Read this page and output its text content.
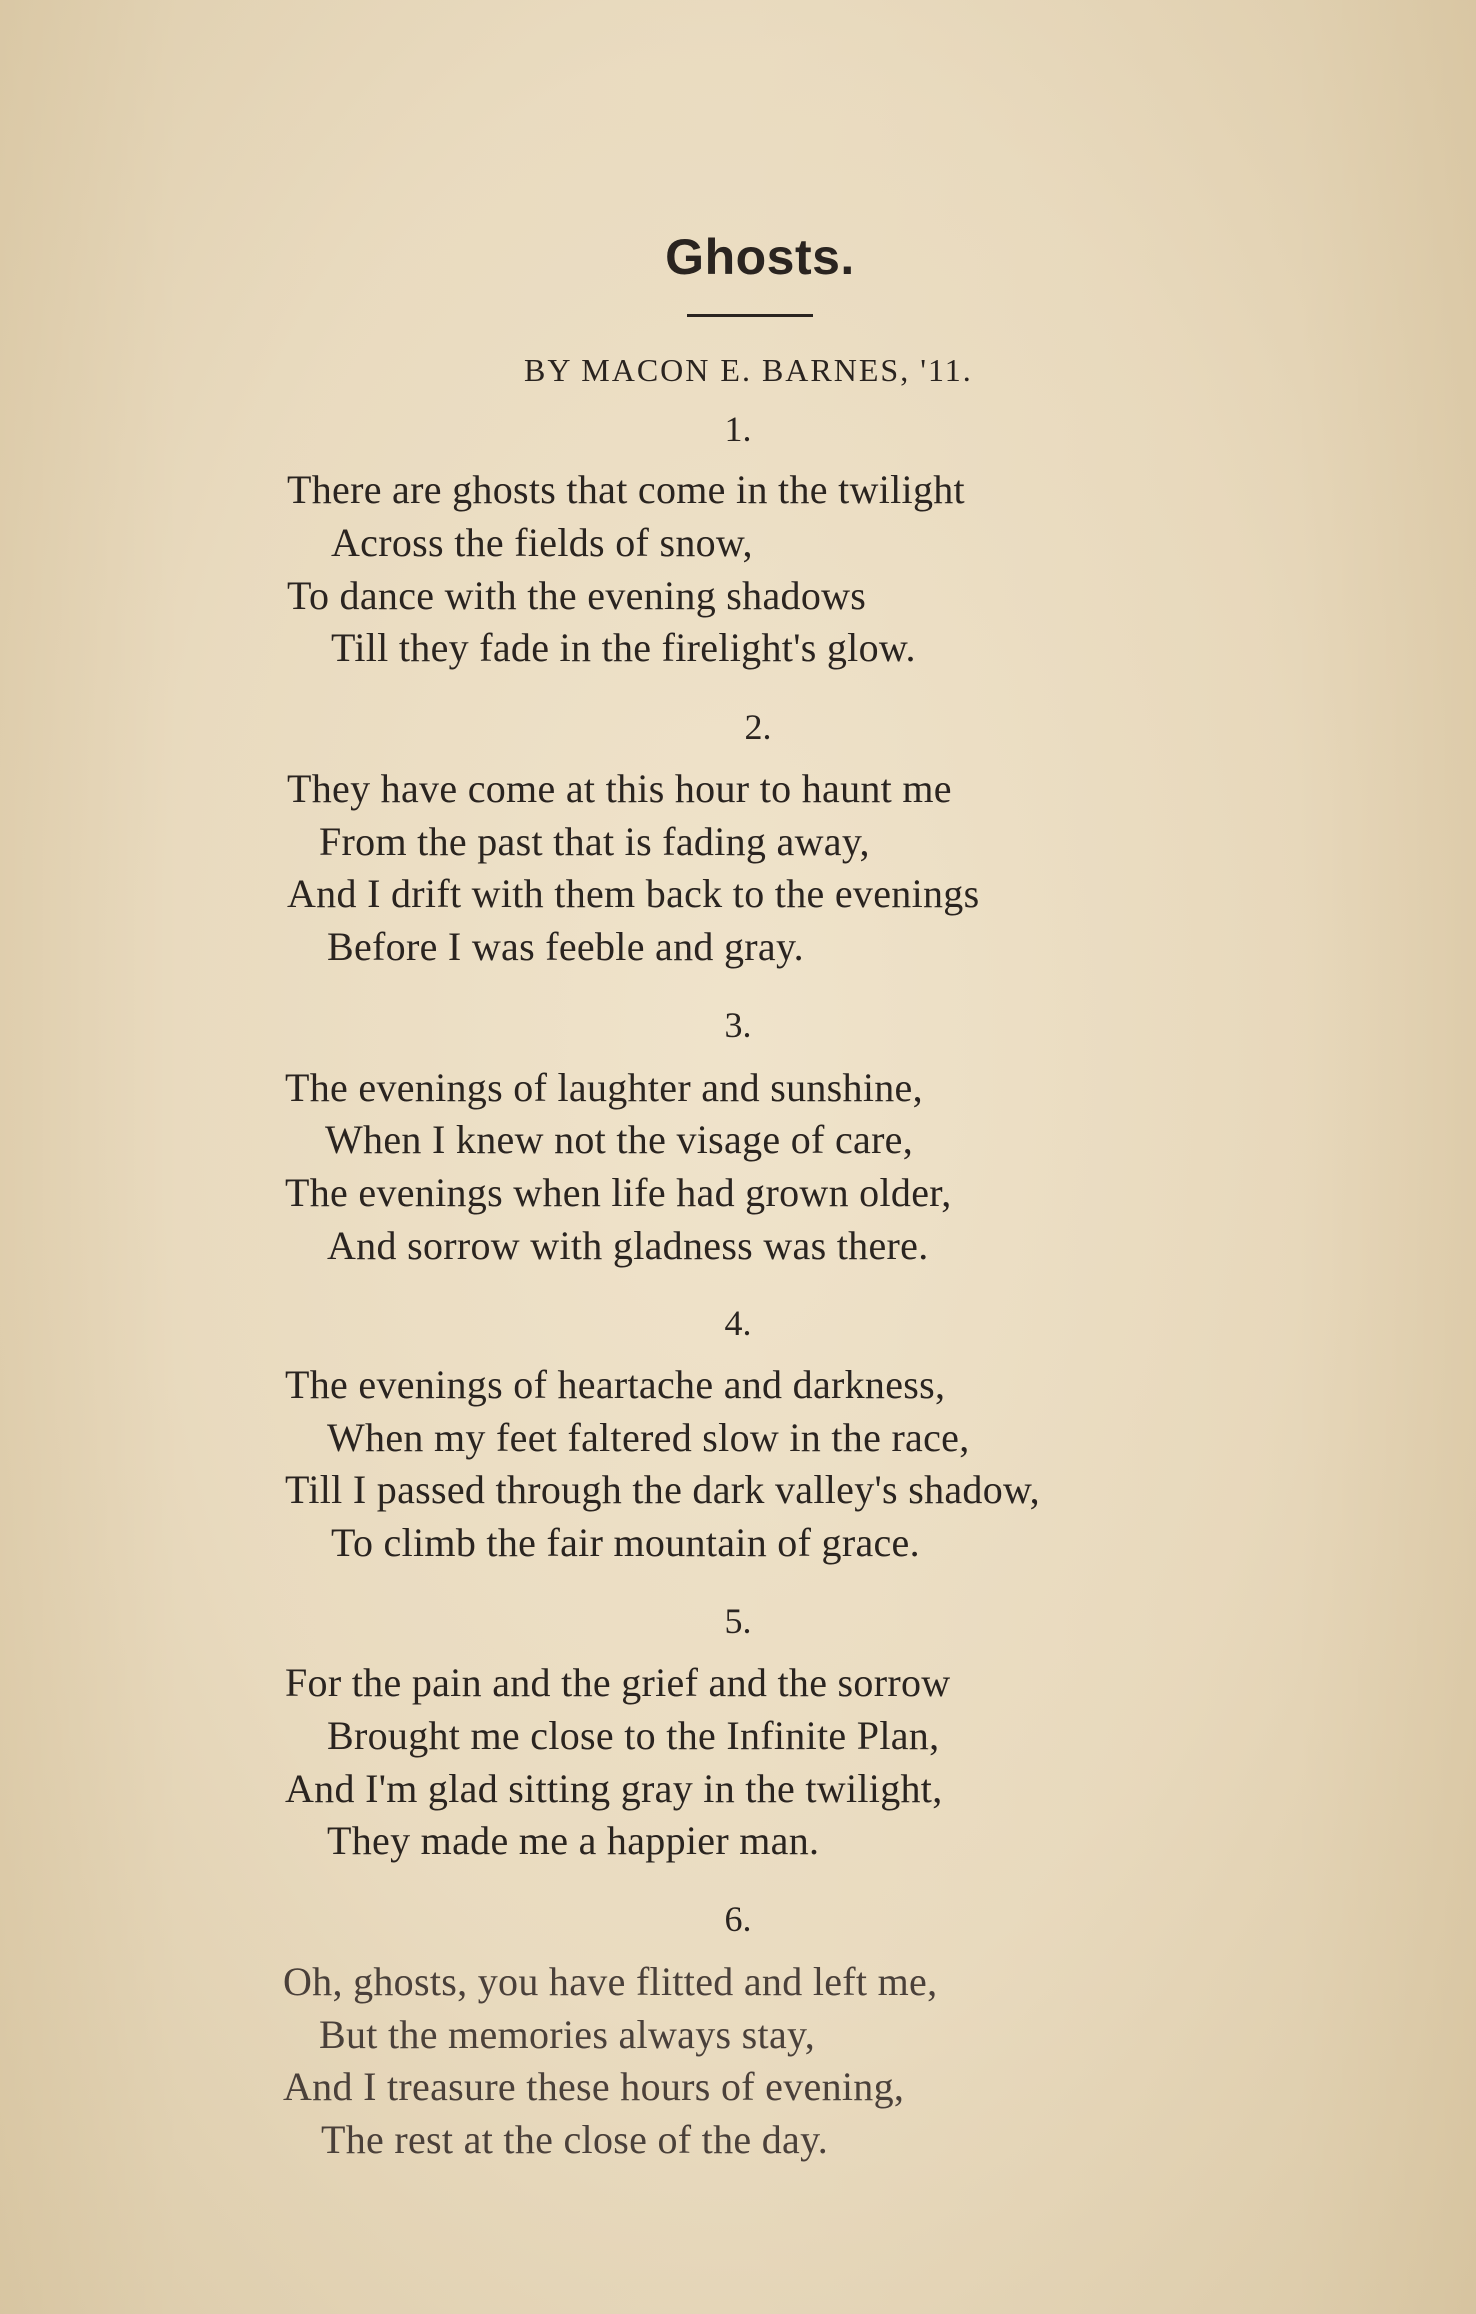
Ghosts.
BY MACON E. BARNES, '11.
1.
There are ghosts that come in the twilight
Across the fields of snow,
To dance with the evening shadows
Till they fade in the firelight's glow.
2.
They have come at this hour to haunt me
From the past that is fading away,
And I drift with them back to the evenings
Before I was feeble and gray.
3.
The evenings of laughter and sunshine,
When I knew not the visage of care,
The evenings when life had grown older,
And sorrow with gladness was there.
4.
The evenings of heartache and darkness,
When my feet faltered slow in the race,
Till I passed through the dark valley's shadow,
To climb the fair mountain of grace.
5.
For the pain and the grief and the sorrow
Brought me close to the Infinite Plan,
And I'm glad sitting gray in the twilight,
They made me a happier man.
6.
Oh, ghosts, you have flitted and left me,
But the memories always stay,
And I treasure these hours of evening,
The rest at the close of the day.
